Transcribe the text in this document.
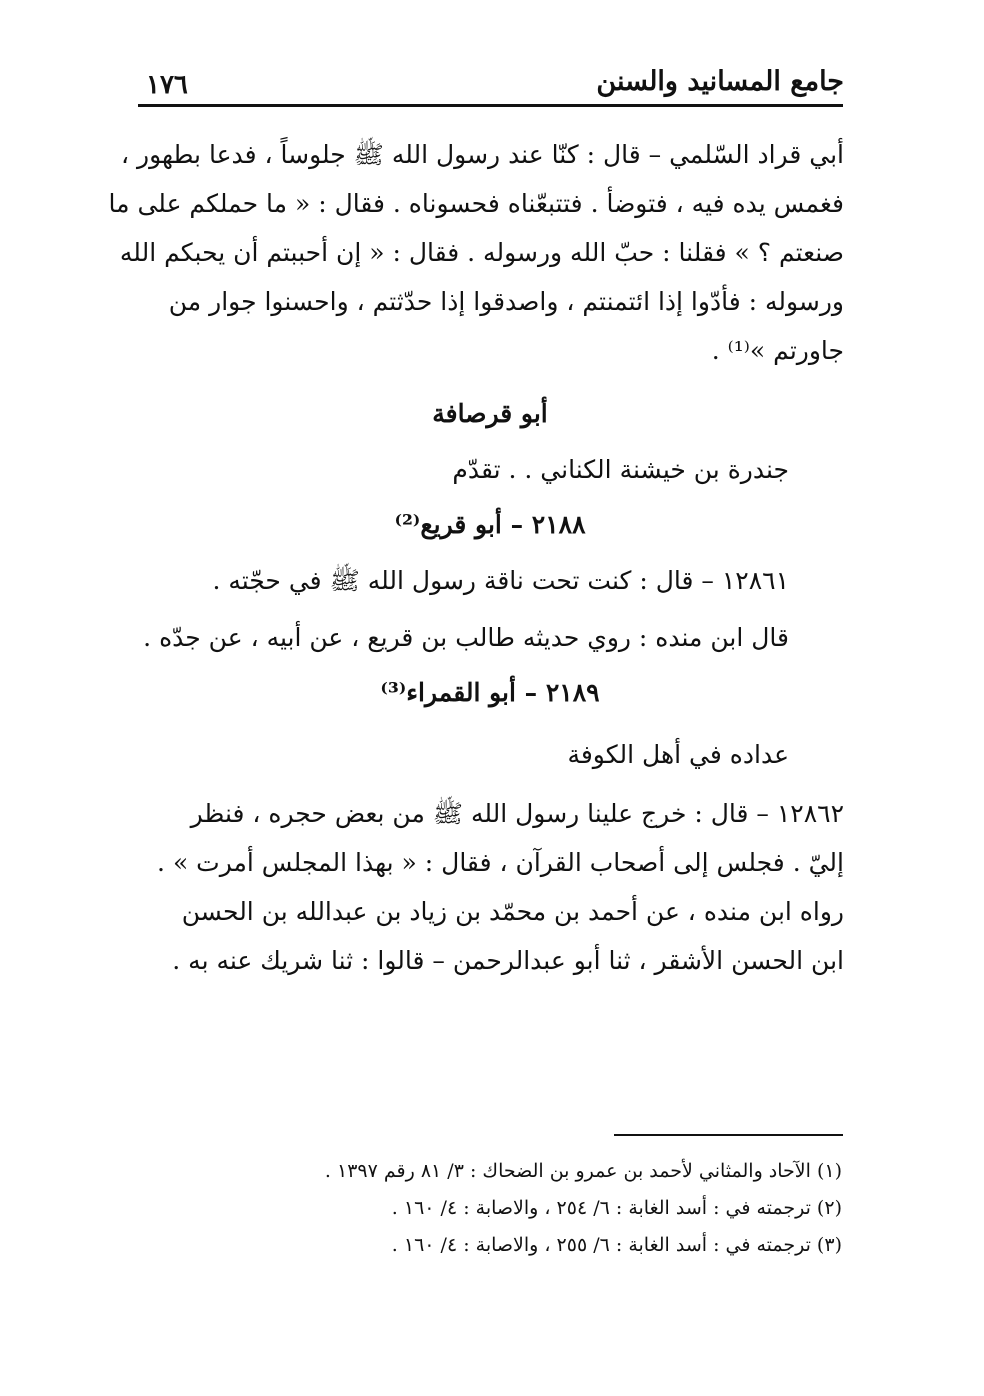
جامع المسانيد والسنن
١٧٦

أبي قراد السّلمي – قال : كنّا عند رسول الله ﷺ جلوساً ، فدعا بطهور ،
فغمس يده فيه ، فتوضأ . فتتبعّناه فحسوناه . فقال : « ما حملكم على ما
صنعتم ؟ » فقلنا : حبّ الله ورسوله . فقال : « إن أحببتم أن يحبكم الله
ورسوله : فأدّوا إذا ائتمنتم ، واصدقوا إذا حدّثتم ، واحسنوا جوار من
جاورتم »⁽¹⁾ .

أبو قرصافة

جندرة بن خيشنة الكناني . . تقدّم

٢١٨٨ – أبو قريع⁽²⁾

١٢٨٦١ – قال : كنت تحت ناقة رسول الله ﷺ في حجّته .

قال ابن منده : روي حديثه طالب بن قريع ، عن أبيه ، عن جدّه .

٢١٨٩ – أبو القمراء⁽³⁾

عداده في أهل الكوفة

١٢٨٦٢ – قال : خرج علينا رسول الله ﷺ من بعض حجره ، فنظر
إليّ . فجلس إلى أصحاب القرآن ، فقال : « بهذا المجلس أمرت » .

رواه ابن منده ، عن أحمد بن محمّد بن زياد بن عبدالله بن الحسن
ابن الحسن الأشقر ، ثنا أبو عبدالرحمن – قالوا : ثنا شريك عنه به .

(١) الآحاد والمثاني لأحمد بن عمرو بن الضحاك : ٣/ ٨١ رقم ١٣٩٧ .
(٢) ترجمته في : أسد الغابة : ٦/ ٢٥٤ ، والاصابة : ٤/ ١٦٠ .
(٣) ترجمته في : أسد الغابة : ٦/ ٢٥٥ ، والاصابة : ٤/ ١٦٠ .
